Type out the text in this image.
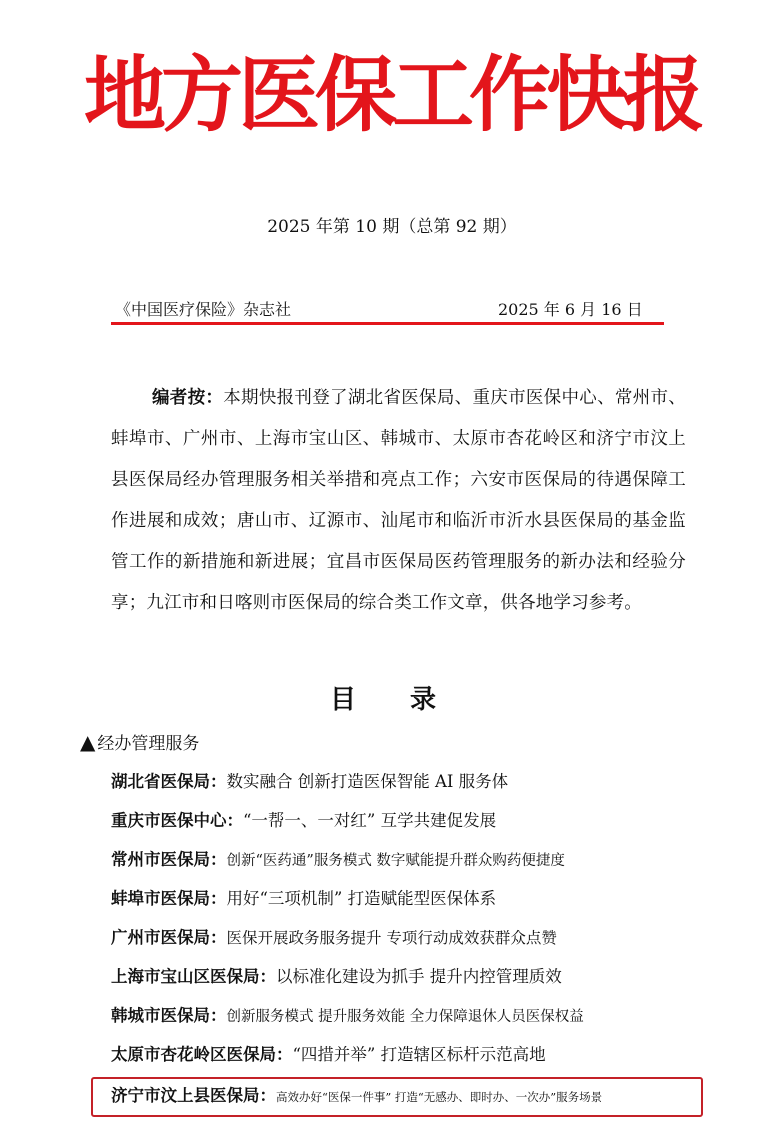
地方医保工作快报
2025 年第 10 期（总第 92 期）
《中国医疗保险》杂志社	2025 年 6 月 16 日
编者按：本期快报刊登了湖北省医保局、重庆市医保中心、常州市、蚌埠市、广州市、上海市宝山区、韩城市、太原市杏花岭区和济宁市汶上县医保局经办管理服务相关举措和亮点工作；六安市医保局的待遇保障工作进展和成效；唐山市、辽源市、汕尾市和临沂市沂水县医保局的基金监管工作的新措施和新进展；宜昌市医保局医药管理服务的新办法和经验分享；九江市和日喀则市医保局的综合类工作文章，供各地学习参考。
目录
▲ 经办管理服务
湖北省医保局：数实融合 创新打造医保智能 AI 服务体
重庆市医保中心：“一帮一、一对红” 互学共建促发展
常州市医保局：创新“医药通”服务模式 数字赋能提升群众购药便捷度
蚌埠市医保局：用好“三项机制” 打造赋能型医保体系
广州市医保局：医保开展政务服务提升 专项行动成效获群众点赞
上海市宝山区医保局：以标准化建设为抓手 提升内控管理质效
韩城市医保局：创新服务模式 提升服务效能 全力保障退休人员医保权益
太原市杏花岭区医保局：“四措并举” 打造辖区标杆示范高地
济宁市汶上县医保局：高效办好“医保一件事” 打造“无感办、即时办、一次办”服务场景
